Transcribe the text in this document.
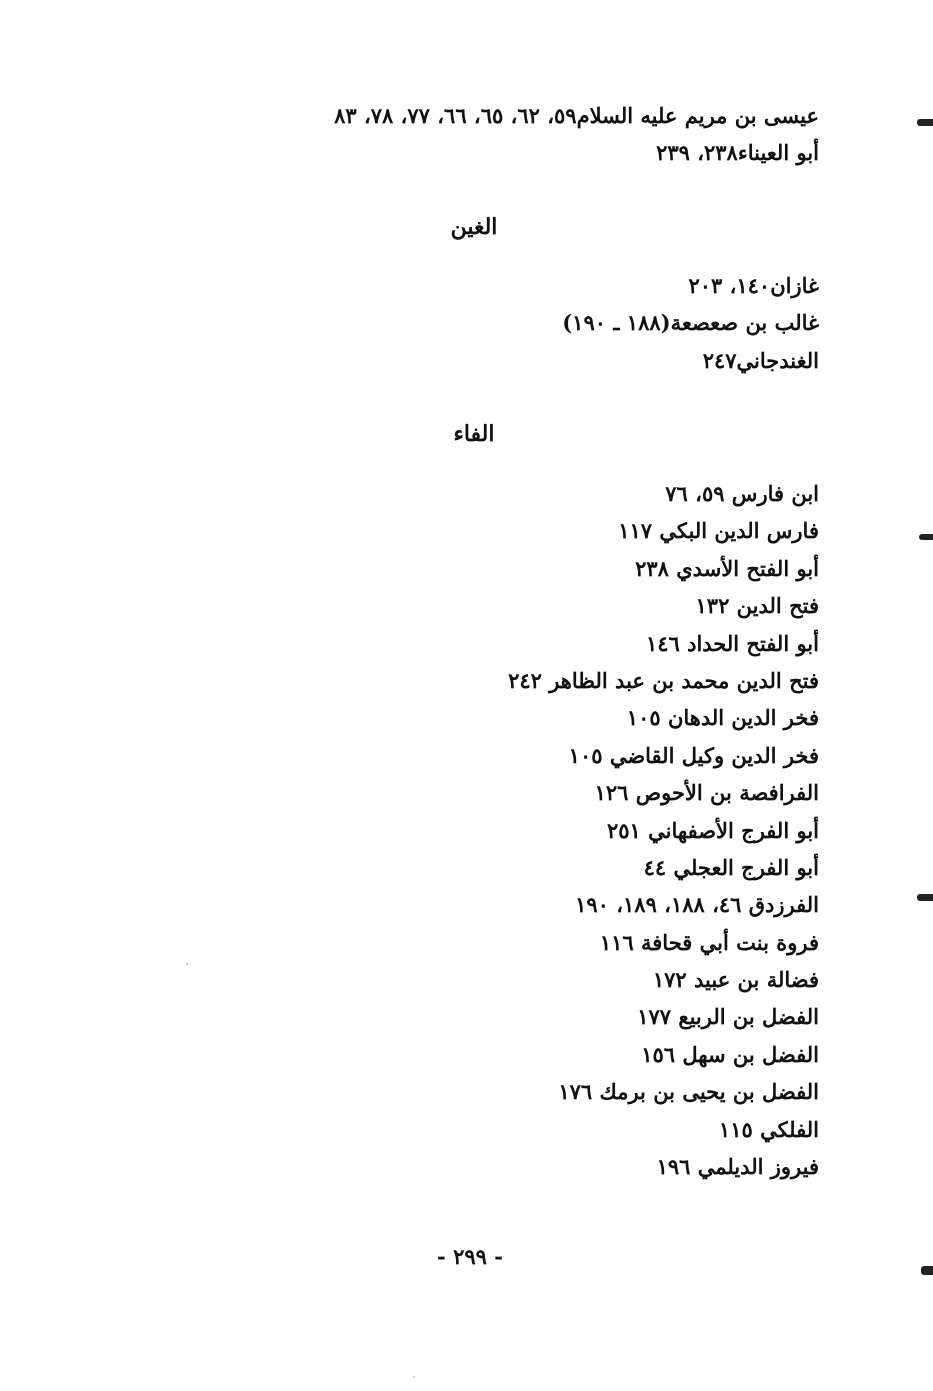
عيسى بن مريم عليه السلام٥٩، ٦٢، ٦٥، ٦٦، ٧٧، ٧٨، ٨٣
أبو العيناء٢٣٨، ٢٣٩
الغين
غازان١٤٠، ٢٠٣
غالب بن صعصعة(١٨٨ ـ ١٩٠)
الغندجاني٢٤٧
الفاء
ابن فارس ٥٩، ٧٦
فارس الدين البكي ١١٧
أبو الفتح الأسدي ٢٣٨
فتح الدين ١٣٢
أبو الفتح الحداد ١٤٦
فتح الدين محمد بن عبد الظاهر ٢٤٢
فخر الدين الدهان ١٠٥
فخر الدين وكيل القاضي ١٠٥
الفرافصة بن الأحوص ١٢٦
أبو الفرج الأصفهاني ٢٥١
أبو الفرج العجلي ٤٤
الفرزدق ٤٦، ١٨٨، ١٨٩، ١٩٠
فروة بنت أبي قحافة ١١٦
فضالة بن عبيد ١٧٢
الفضل بن الربيع ١٧٧
الفضل بن سهل ١٥٦
الفضل بن يحيى بن برمك ١٧٦
الفلكي ١١٥
فيروز الديلمي ١٩٦
- ٢٩٩ -
